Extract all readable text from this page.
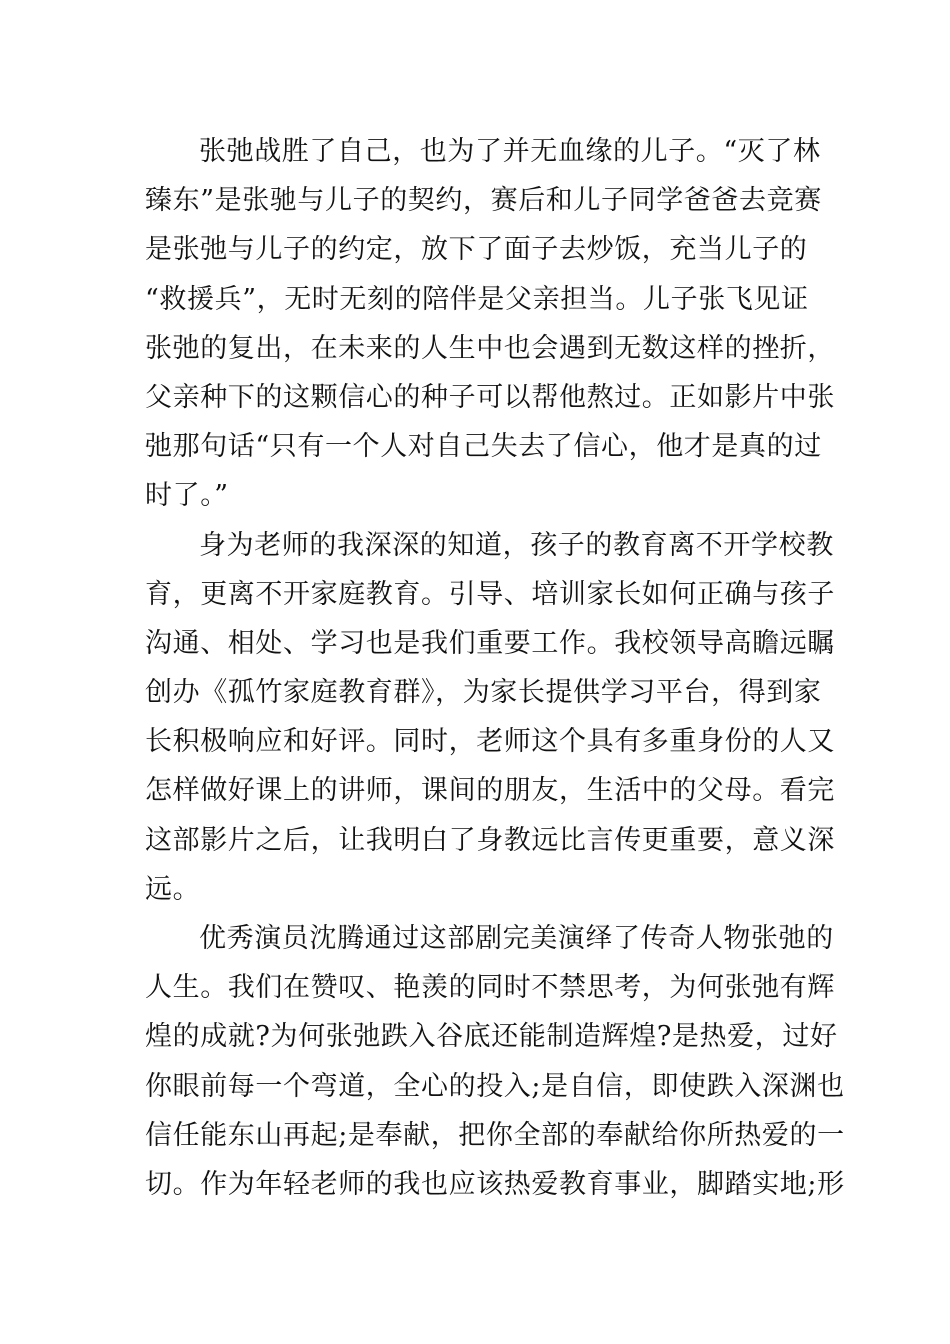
张弛战胜了自己，也为了并无血缘的儿子。“灭了林
臻东”是张驰与儿子的契约，赛后和儿子同学爸爸去竞赛
是张弛与儿子的约定，放下了面子去炒饭，充当儿子的
“救援兵”，无时无刻的陪伴是父亲担当。儿子张飞见证
张弛的复出，在未来的人生中也会遇到无数这样的挫折，
父亲种下的这颗信心的种子可以帮他熬过。正如影片中张
弛那句话“只有一个人对自己失去了信心，他才是真的过
时了。”
身为老师的我深深的知道，孩子的教育离不开学校教
育，更离不开家庭教育。引导、培训家长如何正确与孩子
沟通、相处、学习也是我们重要工作。我校领导高瞻远瞩
创办《孤竹家庭教育群》，为家长提供学习平台，得到家
长积极响应和好评。同时，老师这个具有多重身份的人又
怎样做好课上的讲师，课间的朋友，生活中的父母。看完
这部影片之后，让我明白了身教远比言传更重要，意义深
远。
优秀演员沈腾通过这部剧完美演绎了传奇人物张弛的
人生。我们在赞叹、艳羡的同时不禁思考，为何张弛有辉
煌的成就?为何张弛跌入谷底还能制造辉煌?是热爱，过好
你眼前每一个弯道，全心的投入;是自信，即使跌入深渊也
信任能东山再起;是奉献，把你全部的奉献给你所热爱的一
切。作为年轻老师的我也应该热爱教育事业，脚踏实地;形
